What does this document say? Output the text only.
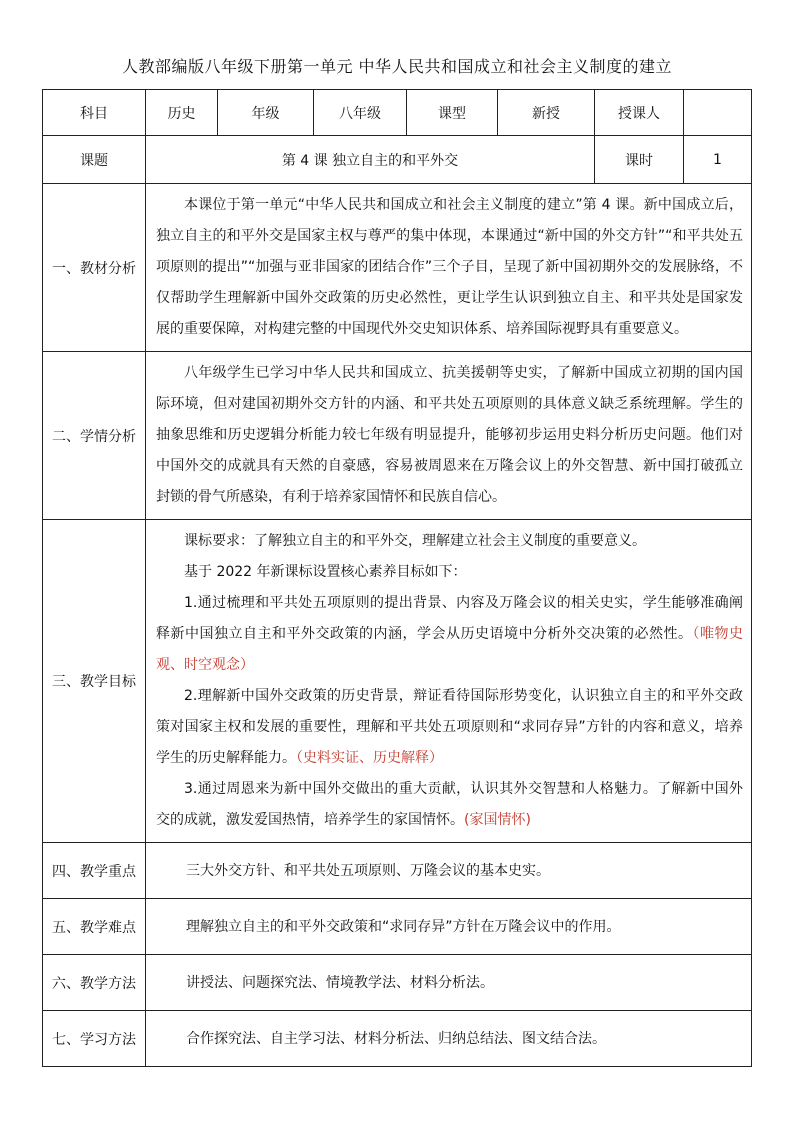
人教部编版八年级下册第一单元 中华人民共和国成立和社会主义制度的建立
科目	历史	年级	八年级	课型	新授	授课人	
课题	第 4 课 独立自主的和平外交					课时	1
一、教材分析	本课位于第一单元“中华人民共和国成立和社会主义制度的建立”第 4 课。新中国成立后，独立自主的和平外交是国家主权与尊严的集中体现，本课通过“新中国的外交方针”“和平共处五项原则的提出”“加强与亚非国家的团结合作”三个子目，呈现了新中国初期外交的发展脉络，不仅帮助学生理解新中国外交政策的历史必然性，更让学生认识到独立自主、和平共处是国家发展的重要保障，对构建完整的中国现代外交史知识体系、培养国际视野具有重要意义。						

二、学情分析	八年级学生已学习中华人民共和国成立、抗美援朝等史实，了解新中国成立初期的国内国际环境，但对建国初期外交方针的内涵、和平共处五项原则的具体意义缺乏系统理解。学生的抽象思维和历史逻辑分析能力较七年级有明显提升，能够初步运用史料分析历史问题。他们对中国外交的成就具有天然的自豪感，容易被周恩来在万隆会议上的外交智慧、新中国打破孤立封锁的骨气所感染，有利于培养家国情怀和民族自信心。						

三、教学目标	课标要求：了解独立自主的和平外交，理解建立社会主义制度的重要意义。

基于 2022 年新课标设置核心素养目标如下：

1.通过梳理和平共处五项原则的提出背景、内容及万隆会议的相关史实，学生能够准确阐释新中国独立自主和平外交政策的内涵，学会从历史语境中分析外交决策的必然性。（唯物史观、时空观念）

2.理解新中国外交政策的历史背景，辩证看待国际形势变化，认识独立自主的和平外交政策对国家主权和发展的重要性，理解和平共处五项原则和“求同存异”方针的内容和意义，培养学生的历史解释能力。（史料实证、历史解释）

3.通过周恩来为新中国外交做出的重大贡献，认识其外交智慧和人格魅力。了解新中国外交的成就，激发爱国热情，培养学生的家国情怀。(家国情怀)						

四、教学重点	三大外交方针、和平共处五项原则、万隆会议的基本史实。						
五、教学难点	理解独立自主的和平外交政策和“求同存异”方针在万隆会议中的作用。						
六、教学方法	讲授法、问题探究法、情境教学法、材料分析法。						
七、学习方法	合作探究法、自主学习法、材料分析法、归纳总结法、图文结合法。						
